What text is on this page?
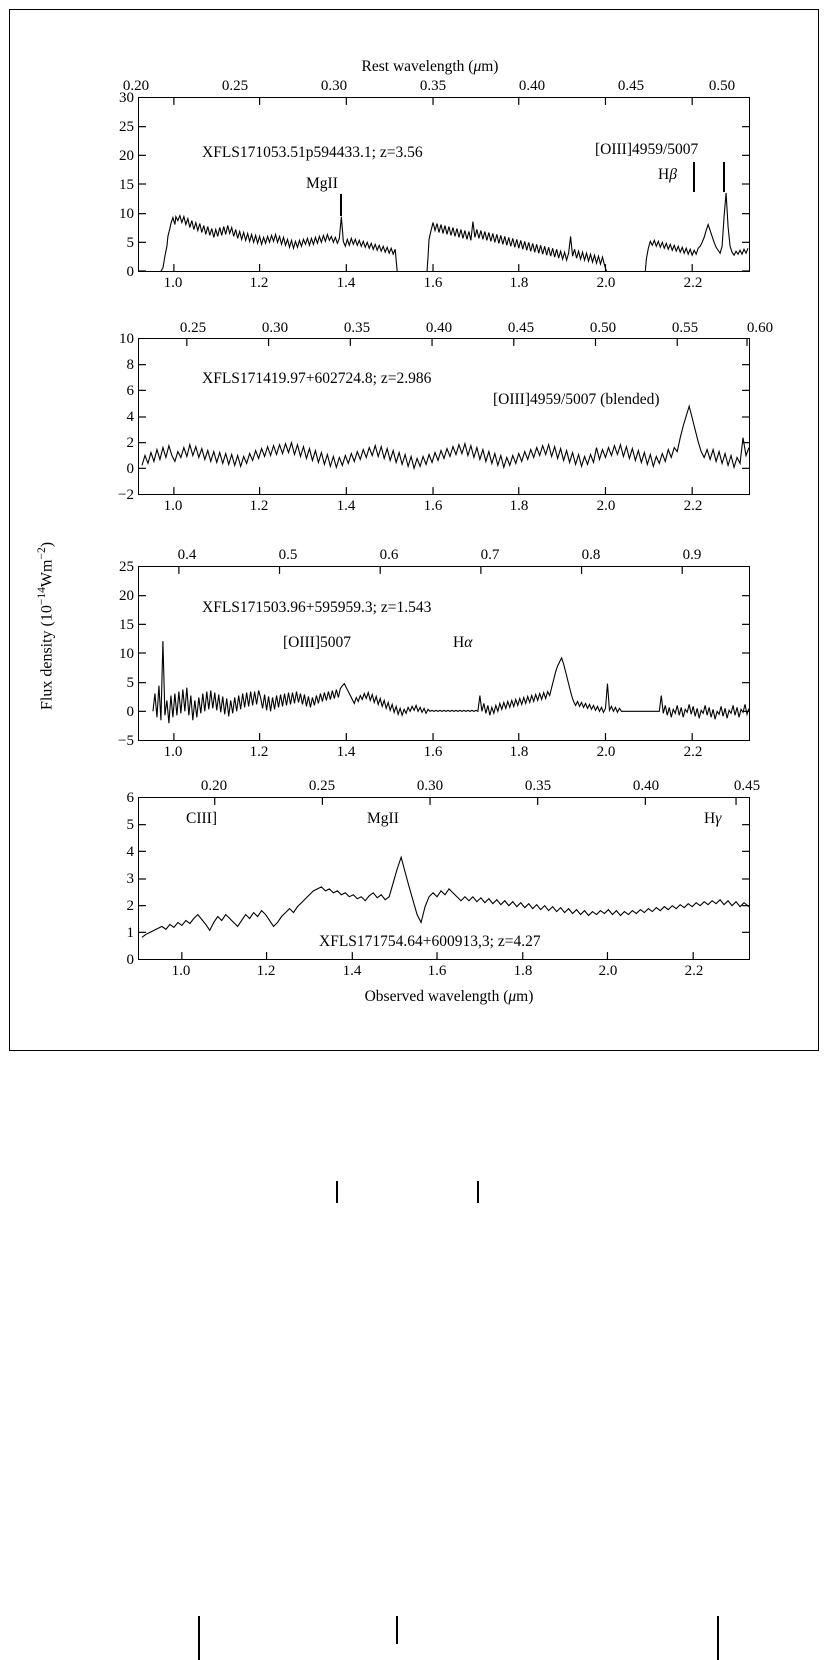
Flux density $(10^{-14}Wm^{-2})$
Rest wavelength (μm)
0.20	0.25	0.30	0.35	0.40	0.45	0.50
30
25
20
15
10
5
0
1.0	1.2	1.4	1.6	1.8	2.0	2.2
XFLS171053.51p594433.1; z=3.56
MgII
[OIII]4959/5007
Hβ
0.25	0.30	0.35	0.40	0.45	0.50	0.55	0.60
10
8
6
4
2
0
−2
1.0	1.2	1.4	1.6	1.8	2.0	2.2
XFLS171419.97+602724.8; z=2.986
[OIII]4959/5007 (blended)
0.4	0.5	0.6	0.7	0.8	0.9
25
20
15
10
5
0
−5
1.0	1.2	1.4	1.6	1.8	2.0	2.2
XFLS171503.96+595959.3; z=1.543
[OIII]5007	Hα
0.20	0.25	0.30	0.35	0.40	0.45
6
5
4
3
2
1
0
1.0	1.2	1.4	1.6	1.8	2.0	2.2
CIII]	MgII	Hγ
XFLS171754.64+600913,3; z=4.27
Observed wavelength (μm)
